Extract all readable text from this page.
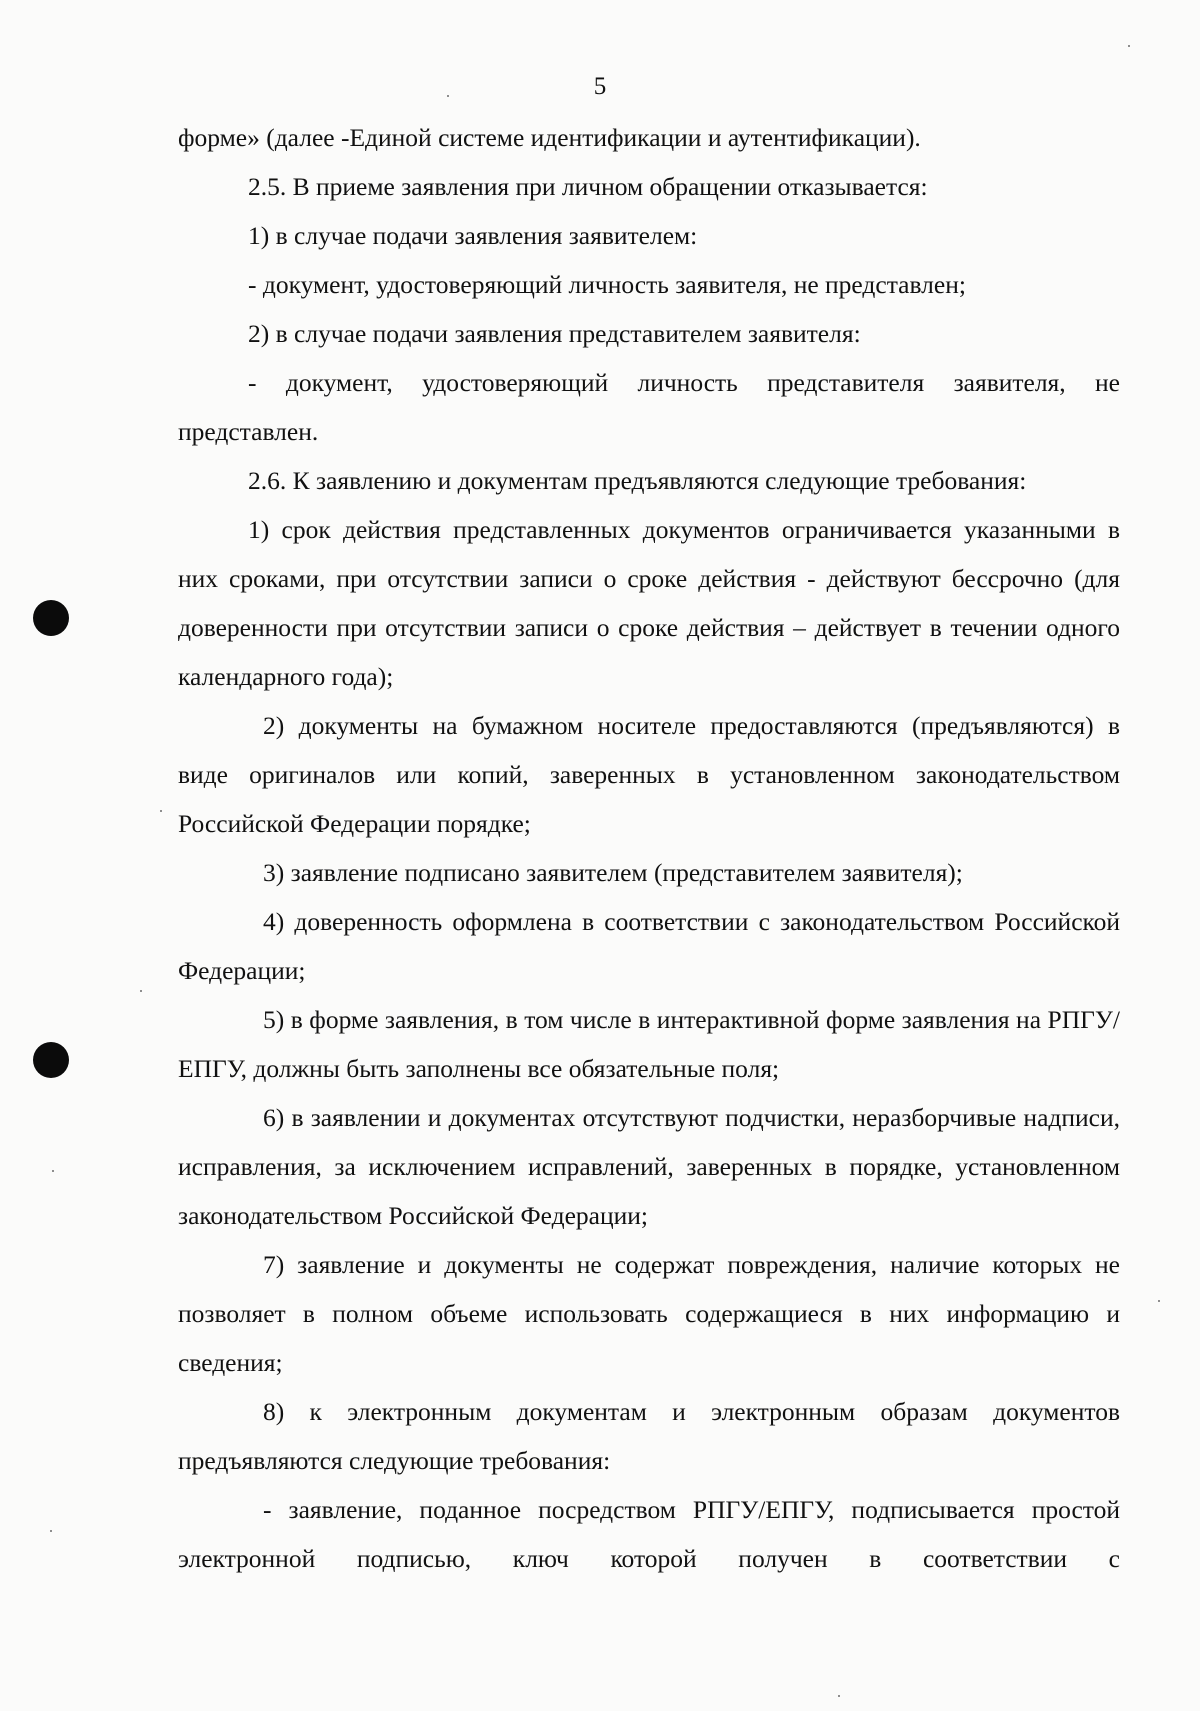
5

форме» (далее -Единой системе идентификации и аутентификации).

2.5. В приеме заявления при личном обращении отказывается:

1) в случае подачи заявления заявителем:

- документ, удостоверяющий личность заявителя, не представлен;

2) в случае подачи заявления представителем заявителя:

- документ, удостоверяющий личность представителя заявителя, не представлен.

2.6. К заявлению и документам предъявляются следующие требования:

1) срок действия представленных документов ограничивается указанными в них сроками, при отсутствии записи о сроке действия - действуют бессрочно (для доверенности при отсутствии записи о сроке действия – действует в течении одного календарного года);

2) документы на бумажном носителе предоставляются (предъявляются) в виде оригиналов или копий, заверенных в установленном законодательством Российской Федерации порядке;

3) заявление подписано заявителем (представителем заявителя);

4) доверенность оформлена в соответствии с законодательством Российской Федерации;

5) в форме заявления, в том числе в интерактивной форме заявления на РПГУ/ЕПГУ, должны быть заполнены все обязательные поля;

6) в заявлении и документах отсутствуют подчистки, неразборчивые надписи, исправления, за исключением исправлений, заверенных в порядке, установленном законодательством Российской Федерации;

7) заявление и документы не содержат повреждения, наличие которых не позволяет в полном объеме использовать содержащиеся в них информацию и сведения;

8) к электронным документам и электронным образам документов предъявляются следующие требования:

- заявление, поданное посредством РПГУ/ЕПГУ, подписывается простой электронной подписью, ключ которой получен в соответствии с
